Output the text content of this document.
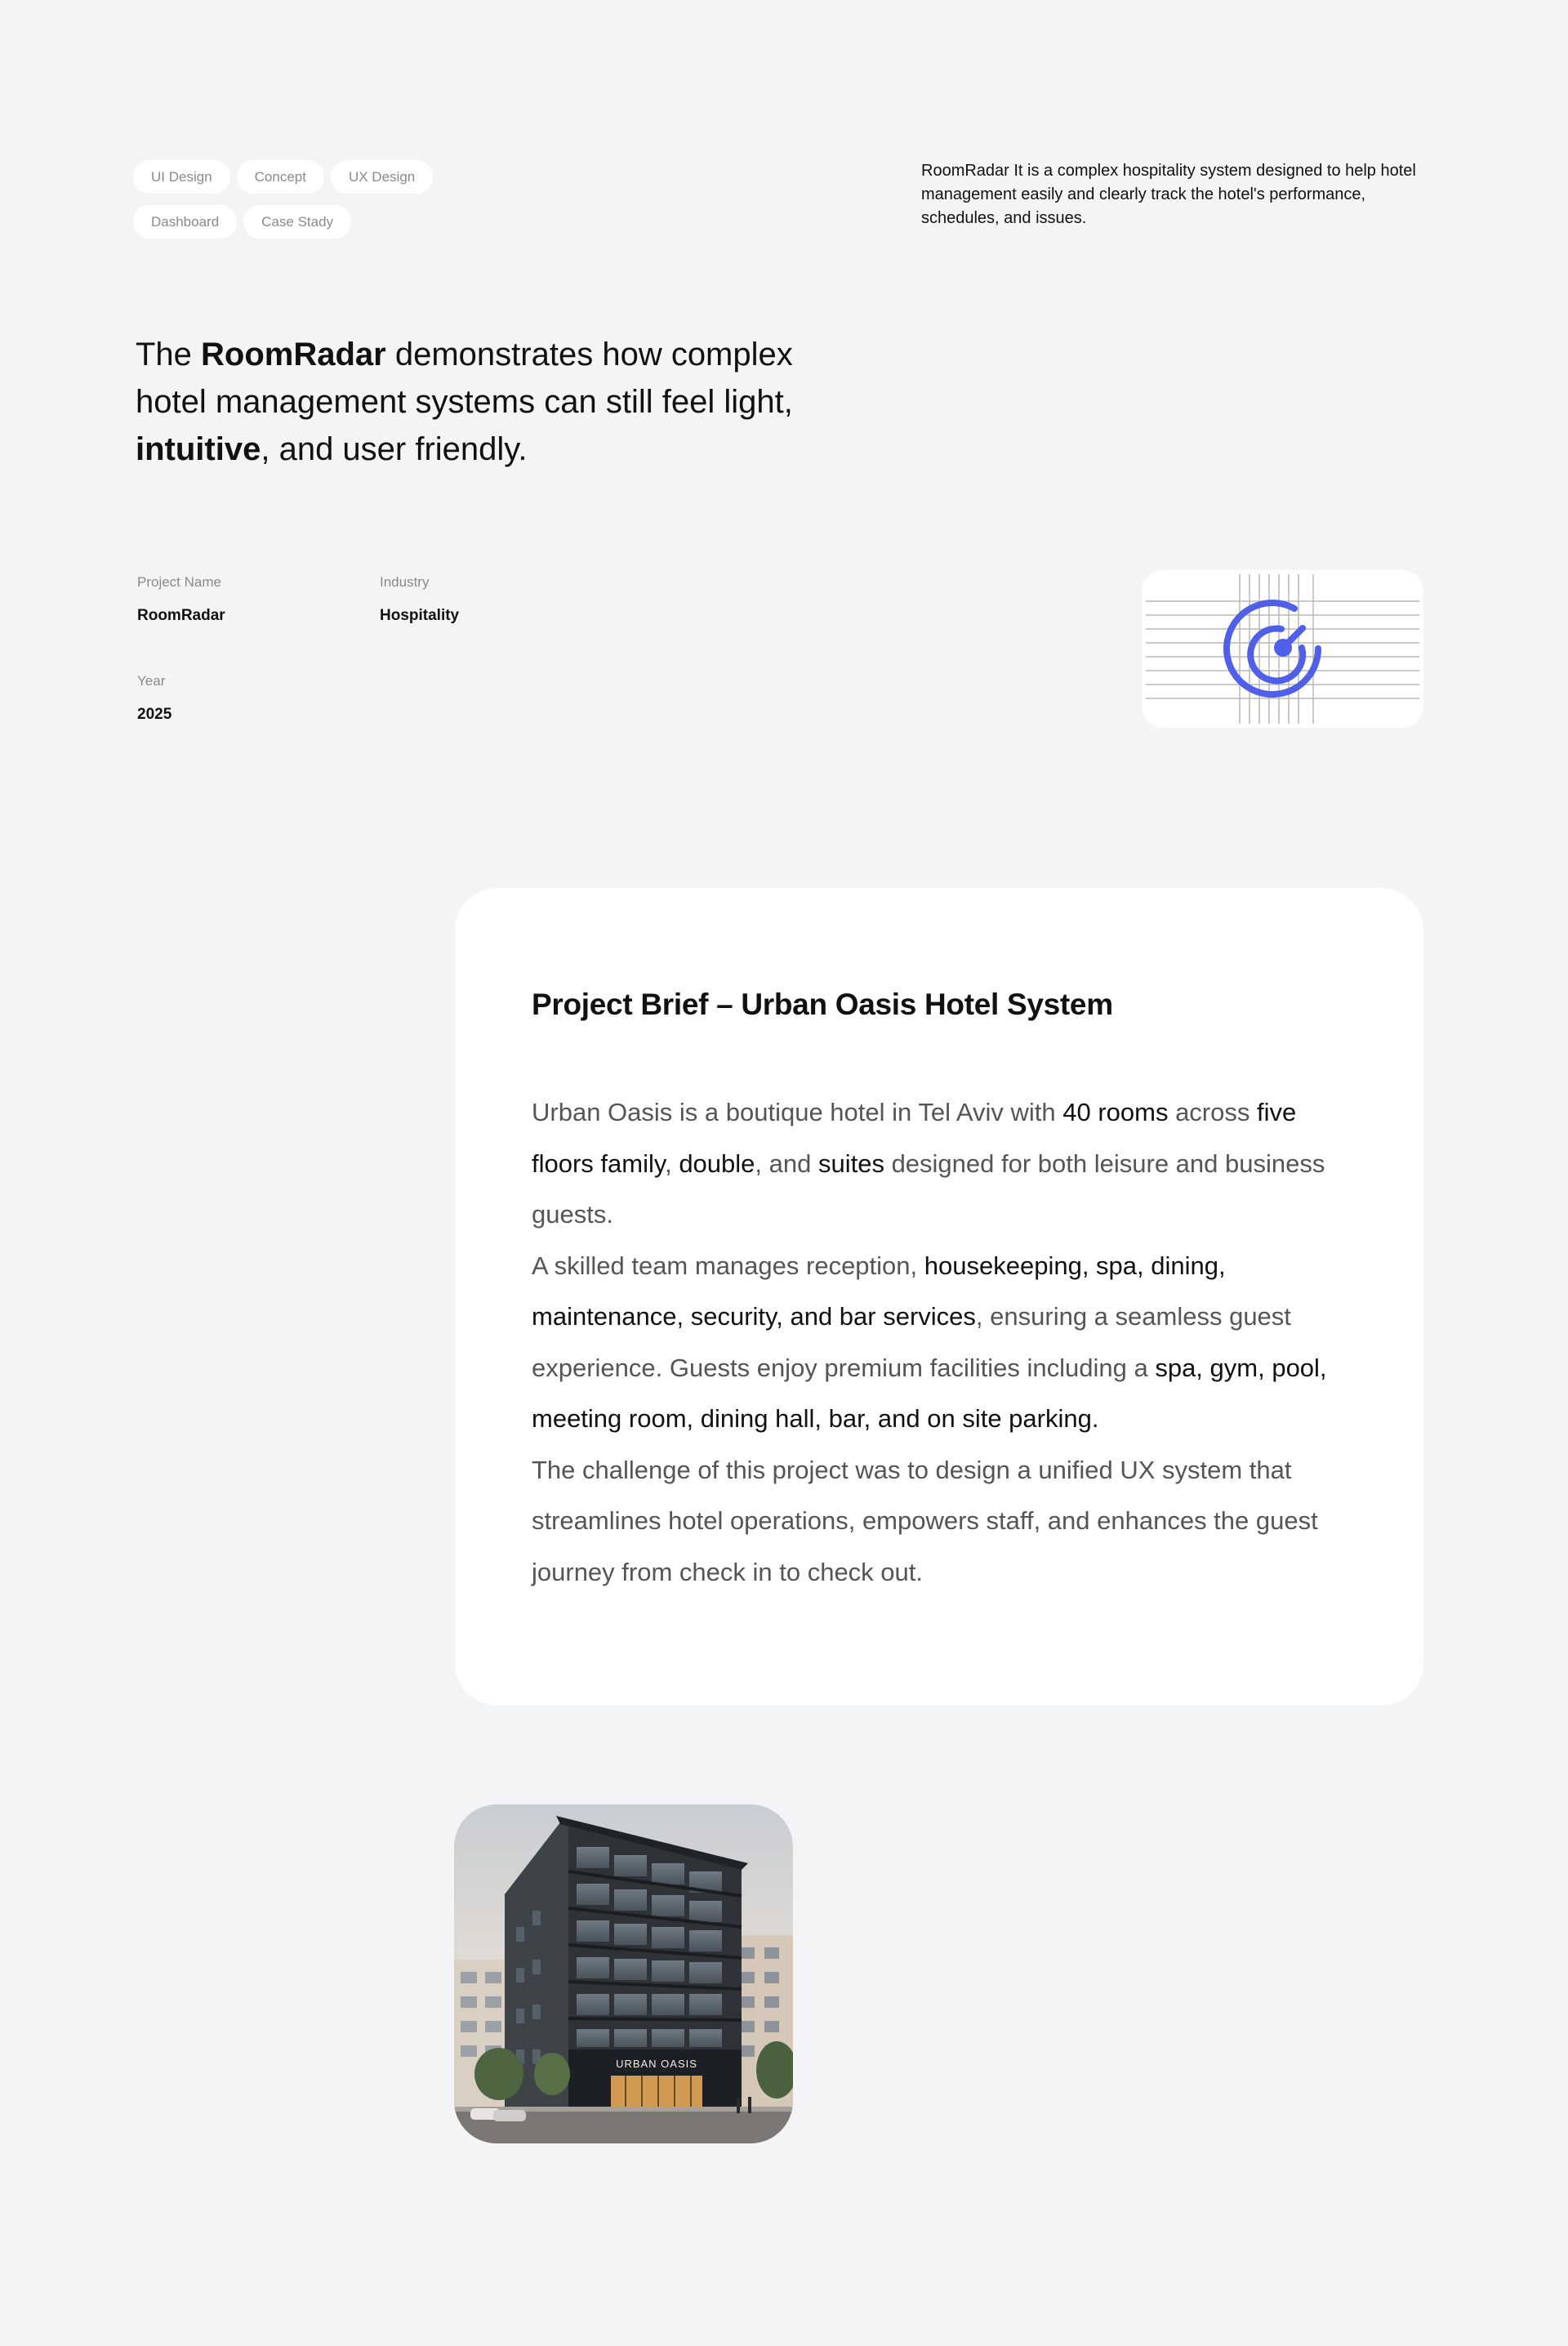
UI Design	Concept	UX Design
Dashboard	Case Stady

RoomRadar It is a complex hospitality system designed to help hotel management easily and clearly track the hotel's performance, schedules, and issues.

The RoomRadar demonstrates how complex hotel management systems can still feel light, intuitive, and user friendly.
Project Name
RoomRadar
Industry
Hospitality
Year
2025
Project Brief – Urban Oasis Hotel System
Urban Oasis is a boutique hotel in Tel Aviv with 40 rooms across five floors family, double, and suites designed for both leisure and business guests.
A skilled team manages reception, housekeeping, spa, dining, maintenance, security, and bar services, ensuring a seamless guest experience. Guests enjoy premium facilities including a spa, gym, pool, meeting room, dining hall, bar, and on site parking.
The challenge of this project was to design a unified UX system that streamlines hotel operations, empowers staff, and enhances the guest journey from check in to check out.
URBAN OASIS
